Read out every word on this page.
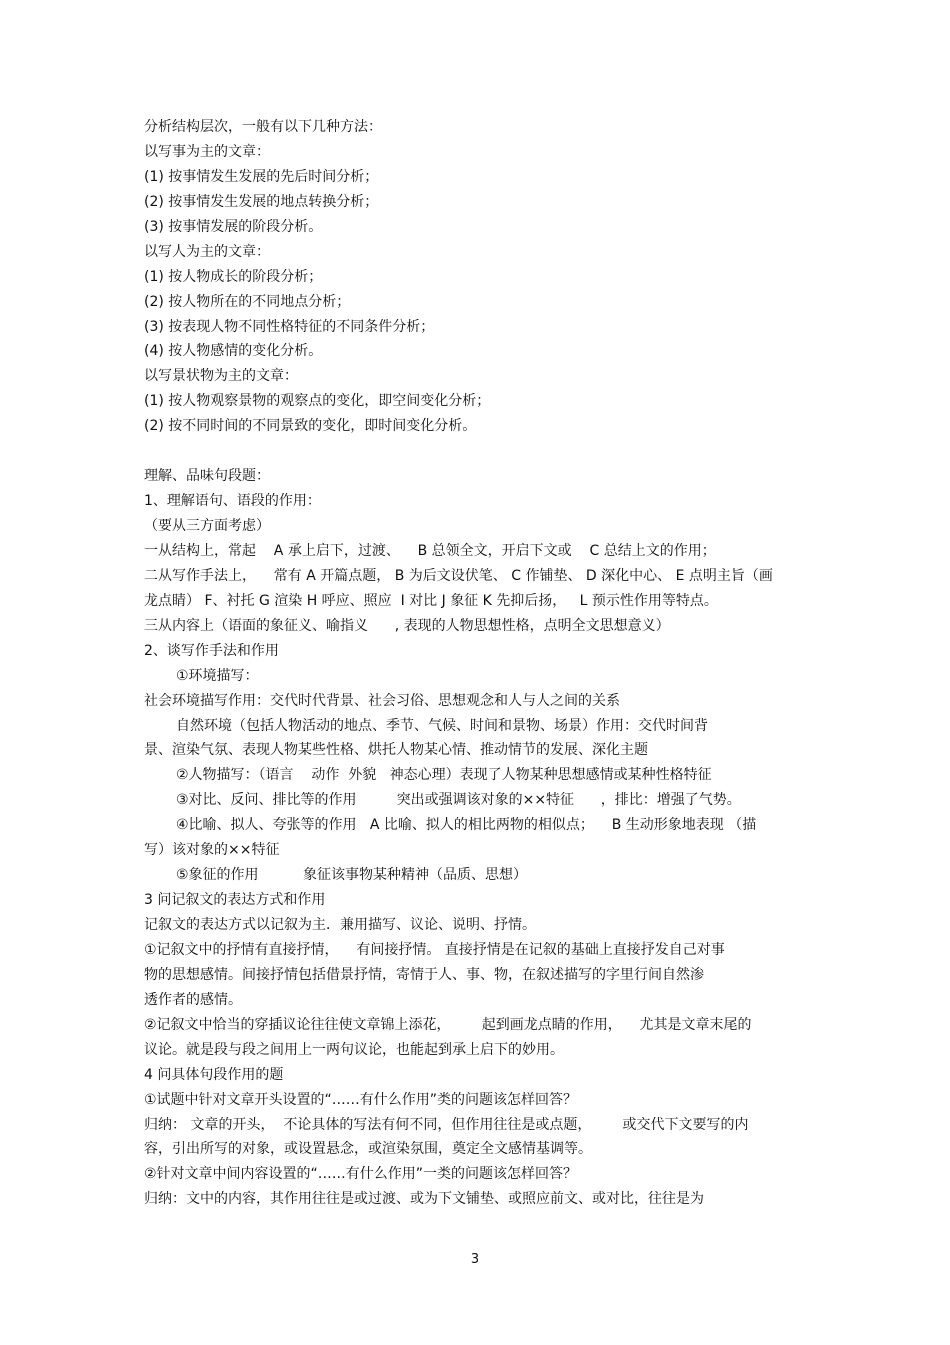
分析结构层次，一般有以下几种方法：
以写事为主的文章：
(1) 按事情发生发展的先后时间分析；
(2) 按事情发生发展的地点转换分析；
(3) 按事情发展的阶段分析。
以写人为主的文章：
(1) 按人物成长的阶段分析；
(2) 按人物所在的不同地点分析；
(3) 按表现人物不同性格特征的不同条件分析；
(4) 按人物感情的变化分析。
以写景状物为主的文章：
(1) 按人物观察景物的观察点的变化，即空间变化分析；
(2) 按不同时间的不同景致的变化，即时间变化分析。
理解、品味句段题：
1、理解语句、语段的作用：
（要从三方面考虑）
一从结构上，常起    A 承上启下，过渡、    B 总领全文，开启下文或    C 总结上文的作用；
二从写作手法上，    常有 A 开篇点题， B 为后文设伏笔、 C 作铺垫、 D 深化中心、 E 点明主旨（画
龙点睛） F、衬托 G 渲染 H 呼应、照应  I 对比 J 象征 K 先抑后扬，   L 预示性作用等特点。
三从内容上（语面的象征义、喻指义      , 表现的人物思想性格，点明全文思想意义）
2、谈写作手法和作用
①环境描写：
社会环境描写作用：交代时代背景、社会习俗、思想观念和人与人之间的关系
自然环境（包括人物活动的地点、季节、气候、时间和景物、场景）作用：交代时间背
景、渲染气氛、表现人物某些性格、烘托人物某心情、推动情节的发展、深化主题
②人物描写：（语言    动作  外貌   神态心理）表现了人物某种思想感情或某种性格特征
③对比、反问、排比等的作用         突出或强调该对象的××特征      ，排比：增强了气势。
④比喻、拟人、夸张等的作用   A 比喻、拟人的相比两物的相似点；    B 生动形象地表现 （描
写）该对象的××特征
⑤象征的作用          象征该事物某种精神（品质、思想）
3 问记叙文的表达方式和作用
记叙文的表达方式以记叙为主．兼用描写、议论、说明、抒情。
①记叙文中的抒情有直接抒情，    有间接抒情。 直接抒情是在记叙的基础上直接抒发自己对事
物的思想感情。间接抒情包括借景抒情，寄情于人、事、物，在叙述描写的字里行间自然渗
透作者的感情。
②记叙文中恰当的穿插议论往往使文章锦上添花，       起到画龙点睛的作用，    尤其是文章末尾的
议论。就是段与段之间用上一两句议论，也能起到承上启下的妙用。
4 问具体句段作用的题
①试题中针对文章开头设置的“……有什么作用”类的问题该怎样回答？
归纳： 文章的开头，  不论具体的写法有何不同，但作用往往是或点题，       或交代下文要写的内
容，引出所写的对象，或设置悬念，或渲染氛围，奠定全文感情基调等。
②针对文章中间内容设置的“……有什么作用”一类的问题该怎样回答？
归纳：文中的内容，其作用往往是或过渡、或为下文铺垫、或照应前文、或对比，往往是为
3
